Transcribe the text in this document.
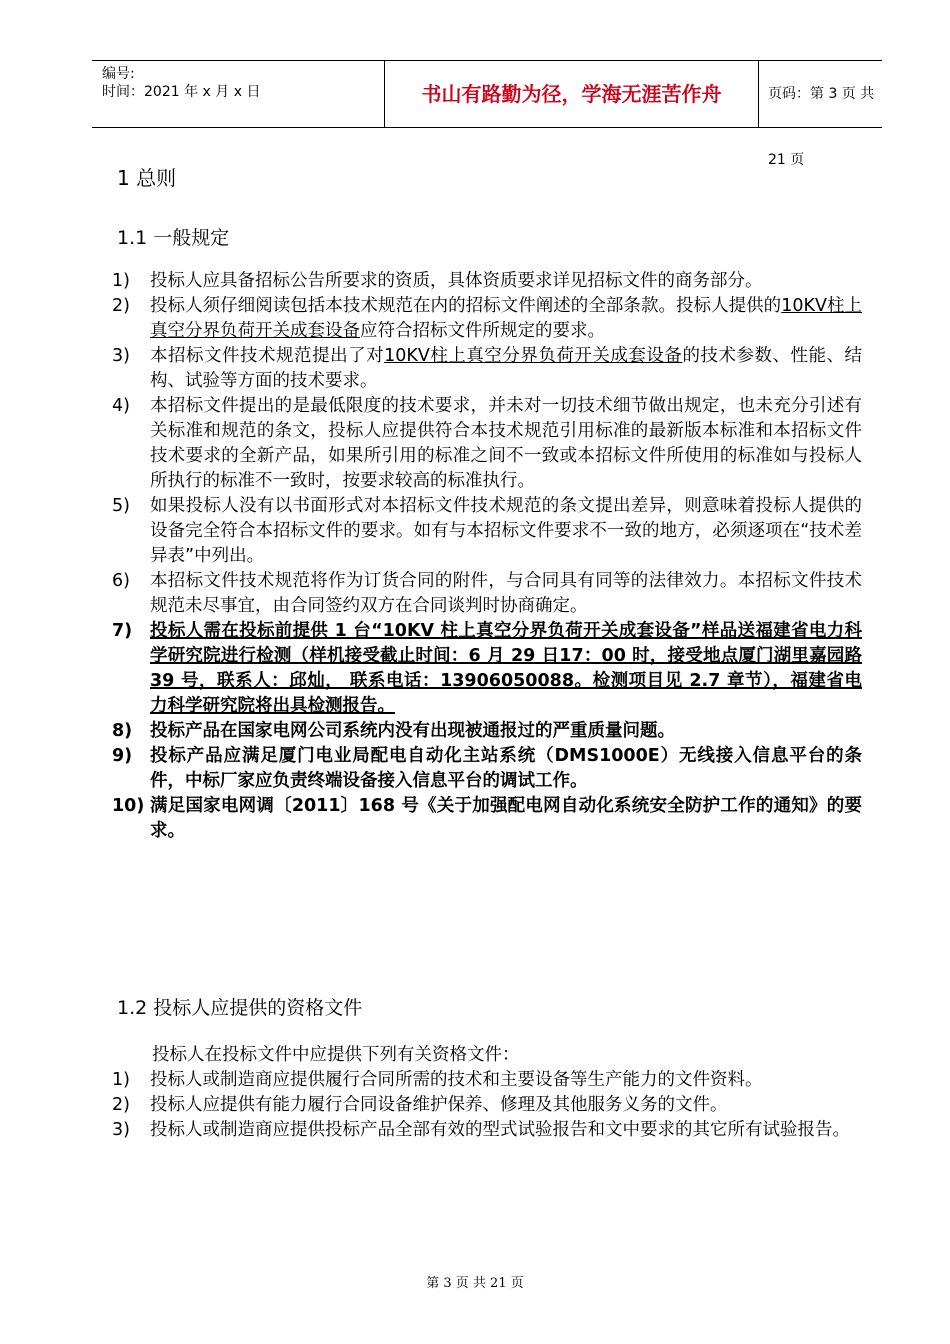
编号:
时间：2021 年 x 月 x 日	书山有路勤为径，学海无涯苦作舟	页码：第 3 页 共 21 页
1 总则
1.1 一般规定
1) 投标人应具备招标公告所要求的资质，具体资质要求详见招标文件的商务部分。
2) 投标人须仔细阅读包括本技术规范在内的招标文件阐述的全部条款。投标人提供的10KV柱上真空分界负荷开关成套设备应符合招标文件所规定的要求。
3) 本招标文件技术规范提出了对10KV柱上真空分界负荷开关成套设备的技术参数、性能、结构、试验等方面的技术要求。
4) 本招标文件提出的是最低限度的技术要求，并未对一切技术细节做出规定，也未充分引述有关标准和规范的条文，投标人应提供符合本技术规范引用标准的最新版本标准和本招标文件技术要求的全新产品，如果所引用的标准之间不一致或本招标文件所使用的标准如与投标人所执行的标准不一致时，按要求较高的标准执行。
5) 如果投标人没有以书面形式对本招标文件技术规范的条文提出差异，则意味着投标人提供的设备完全符合本招标文件的要求。如有与本招标文件要求不一致的地方，必须逐项在“技术差异表”中列出。
6) 本招标文件技术规范将作为订货合同的附件，与合同具有同等的法律效力。本招标文件技术规范未尽事宜，由合同签约双方在合同谈判时协商确定。
7) 投标人需在投标前提供 1 台“10KV 柱上真空分界负荷开关成套设备”样品送福建省电力科学研究院进行检测（样机接受截止时间：6 月 29 日17：00 时，接受地点厦门湖里嘉园路 39 号，联系人：邱灿， 联系电话：13906050088。检测项目见 2.7 章节），福建省电力科学研究院将出具检测报告。
8) 投标产品在国家电网公司系统内没有出现被通报过的严重质量问题。
9) 投标产品应满足厦门电业局配电自动化主站系统（DMS1000E）无线接入信息平台的条件，中标厂家应负责终端设备接入信息平台的调试工作。
10) 满足国家电网调〔2011〕168 号《关于加强配电网自动化系统安全防护工作的通知》的要求。
1.2 投标人应提供的资格文件
投标人在投标文件中应提供下列有关资格文件：
1) 投标人或制造商应提供履行合同所需的技术和主要设备等生产能力的文件资料。
2) 投标人应提供有能力履行合同设备维护保养、修理及其他服务义务的文件。
3) 投标人或制造商应提供投标产品全部有效的型式试验报告和文中要求的其它所有试验报告。
第 3 页 共 21 页
